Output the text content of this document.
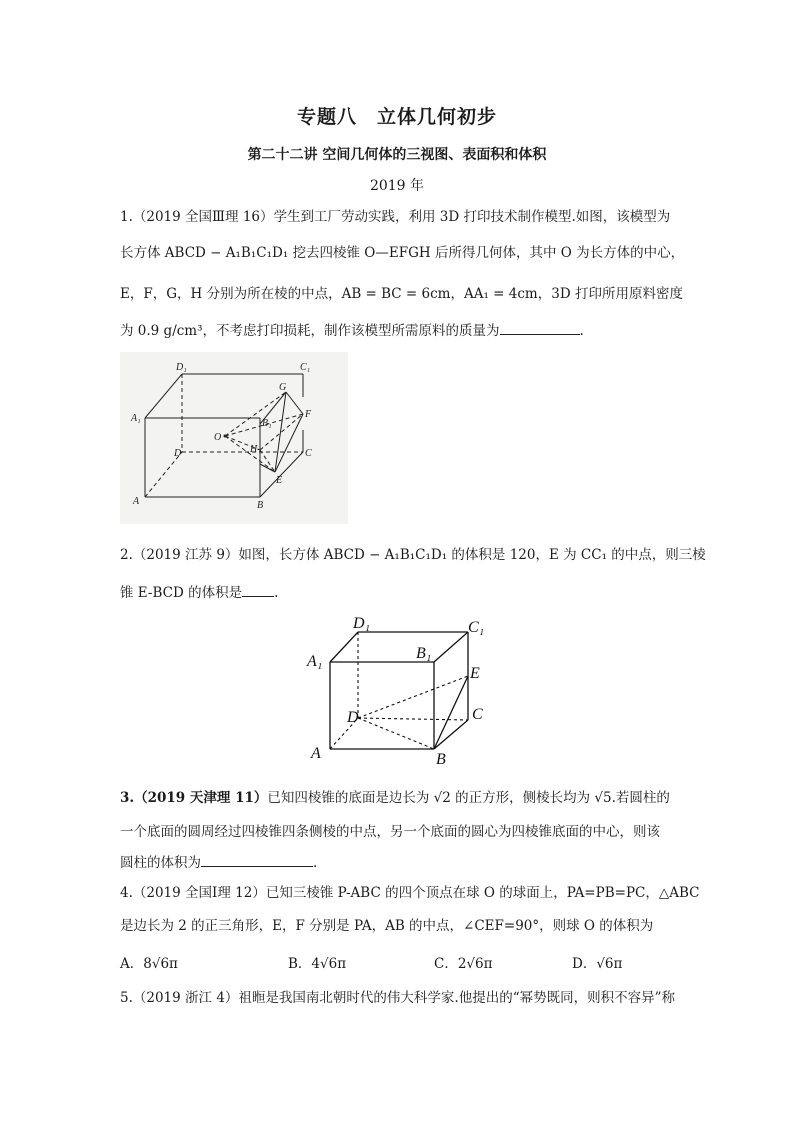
专题八　立体几何初步
第二十二讲 空间几何体的三视图、表面积和体积
2019 年
1.（2019 全国Ⅲ理 16）学生到工厂劳动实践，利用 3D 打印技术制作模型.如图，该模型为
长方体 ABCD − A₁B₁C₁D₁ 挖去四棱锥 O—EFGH 后所得几何体，其中 O 为长方体的中心，
E，F，G，H 分别为所在棱的中点，AB = BC = 6cm，AA₁ = 4cm，3D 打印所用原料密度
为 0.9 g/cm³，不考虑打印损耗，制作该模型所需原料的质量为	.
D₁	C₁
A₁
G
F
B₁
O
D	C
H
E
A	B
2.（2019 江苏 9）如图，长方体 ABCD − A₁B₁C₁D₁ 的体积是 120，E 为 CC₁ 的中点，则三棱
锥 E-BCD 的体积是 .
D₁	C₁
A₁	B₁
E
D	C
A	B
3.（2019 天津理 11）已知四棱锥的底面是边长为 √2 的正方形，侧棱长均为 √5.若圆柱的
一个底面的圆周经过四棱锥四条侧棱的中点，另一个底面的圆心为四棱锥底面的中心，则该
圆柱的体积为	.
4.（2019 全国Ⅰ理 12）已知三棱锥 P-ABC 的四个顶点在球 O 的球面上，PA=PB=PC，△ABC
是边长为 2 的正三角形，E，F 分别是 PA，AB 的中点，∠CEF=90°，则球 O 的体积为
A．8√6π	B．4√6π	C．2√6π	D．√6π
5.（2019 浙江 4）祖暅是我国南北朝时代的伟大科学家.他提出的“幂势既同，则积不容异”称
